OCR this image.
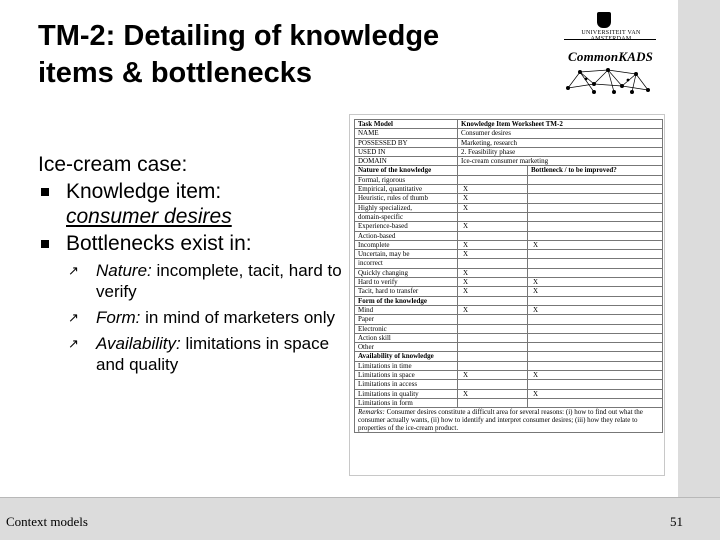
TM-2: Detailing of knowledge
items & bottlenecks
UNIVERSITEIT VAN
CommonKADS
Ice-cream case:
Knowledge item:
consumer desires
Bottlenecks exist in:
↗ Nature: incomplete, tacit, hard to verify
↗ Form: in mind of marketers only
↗ Availability: limitations in space and quality
Task Model	Knowledge Item Worksheet TM-2	
NAME	Consumer desires	
POSSESSED BY	Marketing, research	
USED IN	2. Feasibility phase	
DOMAIN	Ice-cream consumer marketing	
Nature of the knowledge		Bottleneck / to be improved?
Formal, rigorous		
Empirical, quantitative	X	
Heuristic, rules of thumb	X	
Highly specialized,	X	
domain-specific		
Experience-based	X	
Action-based		
Incomplete	X	X
Uncertain, may be	X	
incorrect		
Quickly changing	X	
Hard to verify	X	X
Tacit, hard to transfer	X	X
Form of the knowledge		
Mind	X	X
Paper		
Electronic		
Action skill		
Other		
Availability of knowledge		
Limitations in time		
Limitations in space	X	X
Limitations in access		
Limitations in quality	X	X
Limitations in form		
Remarks: Consumer desires constitute a difficult area for several reasons: (i) how to find out what the consumer actually wants, (ii) how to identify and interpret consumer desires; (iii) how they relate to properties of the ice-cream product.		
Context models	51
